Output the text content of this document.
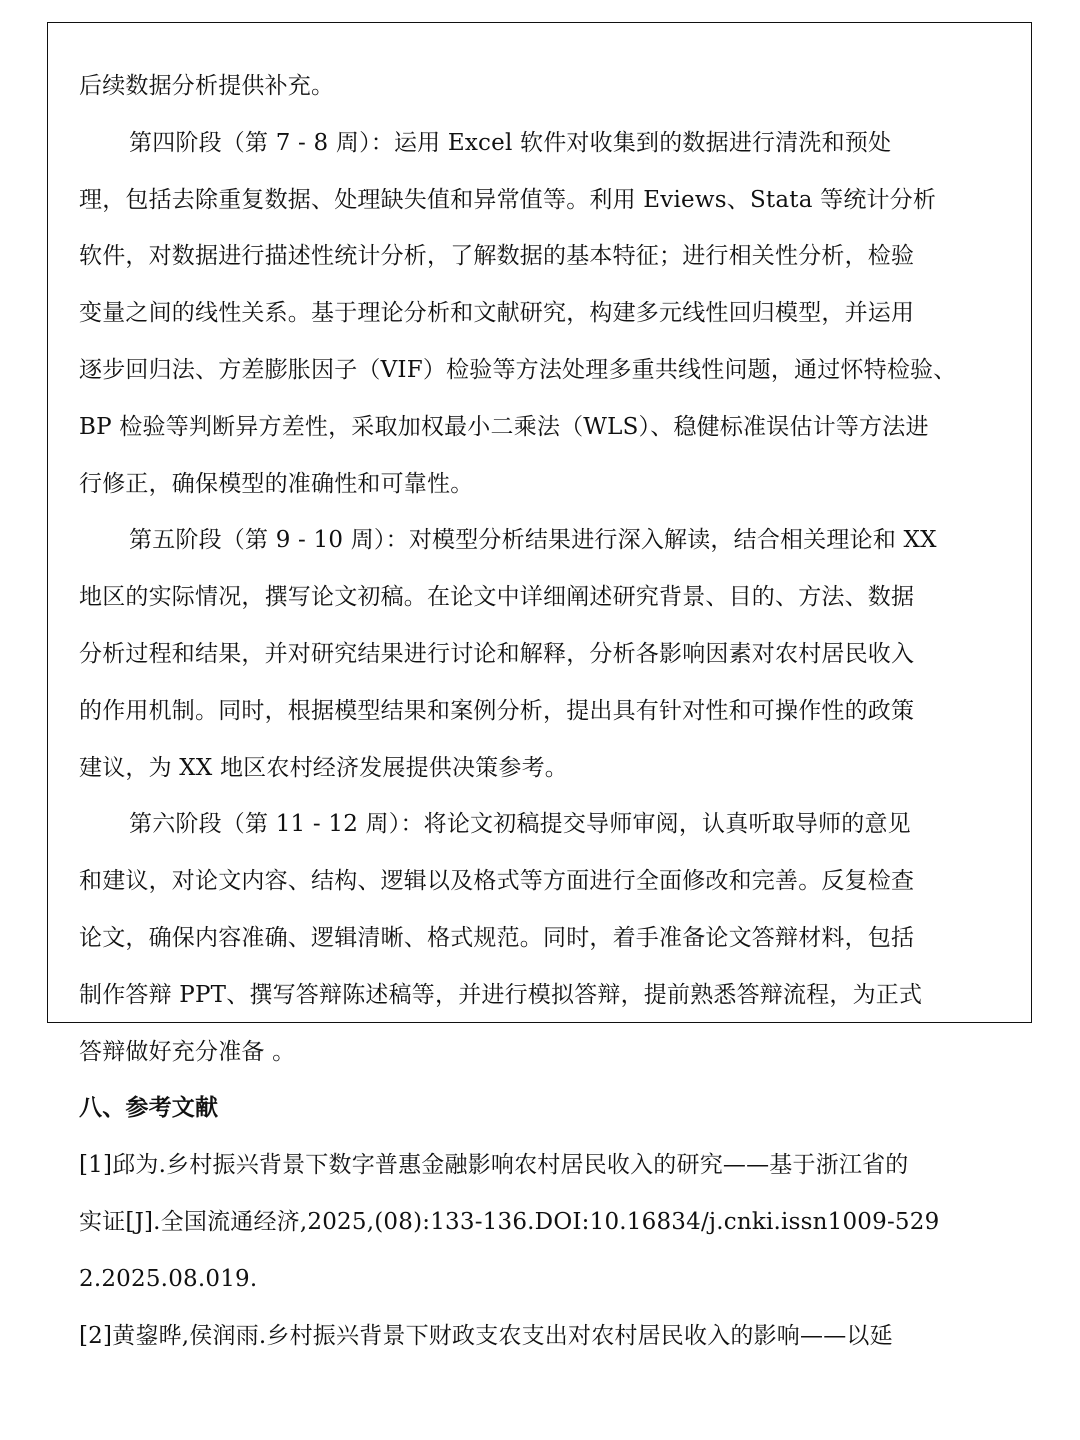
后续数据分析提供补充。
第四阶段（第 7 - 8 周）：运用 Excel 软件对收集到的数据进行清洗和预处
理，包括去除重复数据、处理缺失值和异常值等。利用 Eviews、Stata 等统计分析
软件，对数据进行描述性统计分析，了解数据的基本特征；进行相关性分析，检验
变量之间的线性关系。基于理论分析和文献研究，构建多元线性回归模型，并运用
逐步回归法、方差膨胀因子（VIF）检验等方法处理多重共线性问题，通过怀特检验、
BP 检验等判断异方差性，采取加权最小二乘法（WLS）、稳健标准误估计等方法进
行修正，确保模型的准确性和可靠性。
第五阶段（第 9 - 10 周）：对模型分析结果进行深入解读，结合相关理论和 XX
地区的实际情况，撰写论文初稿。在论文中详细阐述研究背景、目的、方法、数据
分析过程和结果，并对研究结果进行讨论和解释，分析各影响因素对农村居民收入
的作用机制。同时，根据模型结果和案例分析，提出具有针对性和可操作性的政策
建议，为 XX 地区农村经济发展提供决策参考。
第六阶段（第 11 - 12 周）：将论文初稿提交导师审阅，认真听取导师的意见
和建议，对论文内容、结构、逻辑以及格式等方面进行全面修改和完善。反复检查
论文，确保内容准确、逻辑清晰、格式规范。同时，着手准备论文答辩材料，包括
制作答辩 PPT、撰写答辩陈述稿等，并进行模拟答辩，提前熟悉答辩流程，为正式
答辩做好充分准备 。
八、参考文献
[1]邱为.乡村振兴背景下数字普惠金融影响农村居民收入的研究——基于浙江省的
实证[J].全国流通经济,2025,(08):133-136.DOI:10.16834/j.cnki.issn1009-529
2.2025.08.019.
[2]黄鋆晔,侯润雨.乡村振兴背景下财政支农支出对农村居民收入的影响——以延
